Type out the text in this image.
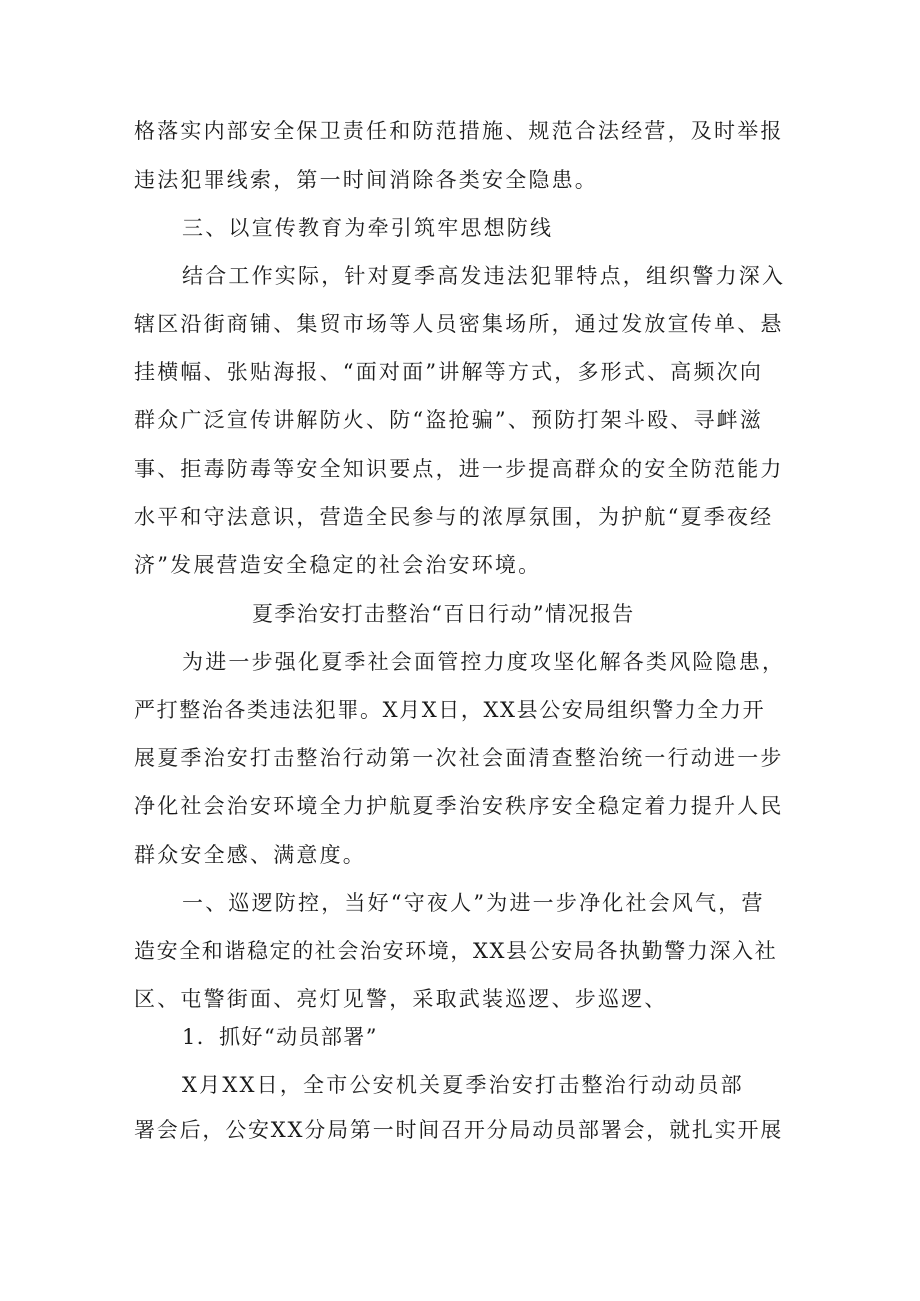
格落实内部安全保卫责任和防范措施、规范合法经营，及时举报
违法犯罪线索，第一时间消除各类安全隐患。
三、以宣传教育为牵引筑牢思想防线
结合工作实际，针对夏季高发违法犯罪特点，组织警力深入
辖区沿街商铺、集贸市场等人员密集场所，通过发放宣传单、悬
挂横幅、张贴海报、“面对面”讲解等方式，多形式、高频次向
群众广泛宣传讲解防火、防“盗抢骗”、预防打架斗殴、寻衅滋
事、拒毒防毒等安全知识要点，进一步提高群众的安全防范能力
水平和守法意识，营造全民参与的浓厚氛围，为护航“夏季夜经
济”发展营造安全稳定的社会治安环境。
夏季治安打击整治“百日行动”情况报告
为进一步强化夏季社会面管控力度攻坚化解各类风险隐患，
严打整治各类违法犯罪。X月X日，XX县公安局组织警力全力开
展夏季治安打击整治行动第一次社会面清查整治统一行动进一步
净化社会治安环境全力护航夏季治安秩序安全稳定着力提升人民
群众安全感、满意度。
一、巡逻防控，当好“守夜人”为进一步净化社会风气，营
造安全和谐稳定的社会治安环境，XX县公安局各执勤警力深入社
区、屯警街面、亮灯见警，采取武装巡逻、步巡逻、
1．抓好“动员部署”
X月XX日，全市公安机关夏季治安打击整治行动动员部
署会后，公安XX分局第一时间召开分局动员部署会，就扎实开展
